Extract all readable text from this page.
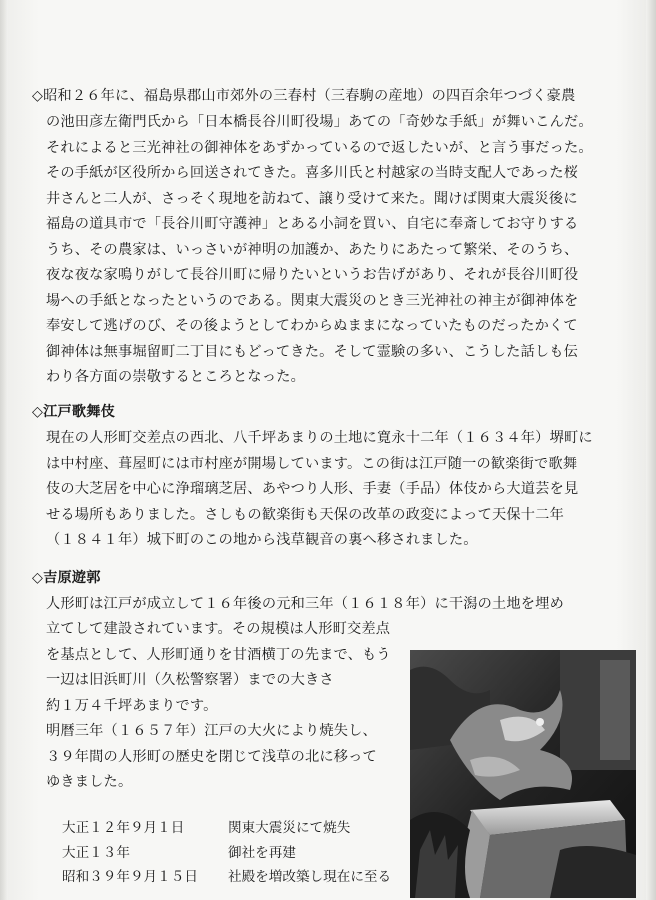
◇昭和２６年に、福島県郡山市郊外の三春村（三春駒の産地）の四百余年つづく豪農
の池田彦左衛門氏から「日本橋長谷川町役場」あての「奇妙な手紙」が舞いこんだ。
それによると三光神社の御神体をあずかっているので返したいが、と言う事だった。
その手紙が区役所から回送されてきた。喜多川氏と村越家の当時支配人であった桜
井さんと二人が、さっそく現地を訪ねて、譲り受けて来た。聞けば関東大震災後に
福島の道具市で「長谷川町守護神」とある小詞を買い、自宅に奉斎してお守りする
うち、その農家は、いっさいが神明の加護か、あたりにあたって繁栄、そのうち、
夜な夜な家鳴りがして長谷川町に帰りたいというお告げがあり、それが長谷川町役
場への手紙となったというのである。関東大震災のとき三光神社の神主が御神体を
奉安して逃げのび、その後ようとしてわからぬままになっていたものだったかくて
御神体は無事堀留町二丁目にもどってきた。そして霊験の多い、こうした話しも伝
わり各方面の崇敬するところとなった。
◇江戸歌舞伎
現在の人形町交差点の西北、八千坪あまりの土地に寛永十二年（１６３４年）堺町に
は中村座、葺屋町には市村座が開場しています。この街は江戸随一の歓楽街で歌舞
伎の大芝居を中心に浄瑠璃芝居、あやつり人形、手妻（手品）体伎から大道芸を見
せる場所もありました。さしもの歓楽街も天保の改革の政変によって天保十二年
（１８４１年）城下町のこの地から浅草観音の裏へ移されました。
◇吉原遊郭
人形町は江戸が成立して１６年後の元和三年（１６１８年）に干潟の土地を埋め
立てして建設されています。その規模は人形町交差点
を基点として、人形町通りを甘酒横丁の先まで、もう
一辺は旧浜町川（久松警察署）までの大きさ
約１万４千坪あまりです。
明暦三年（１６５７年）江戸の大火により焼失し、
３９年間の人形町の歴史を閉じて浅草の北に移って
ゆきました。
大正１２年９月１日	関東大震災にて焼失
大正１３年	御社を再建
昭和３９年９月１５日 社殿を増改築し現在に至る
